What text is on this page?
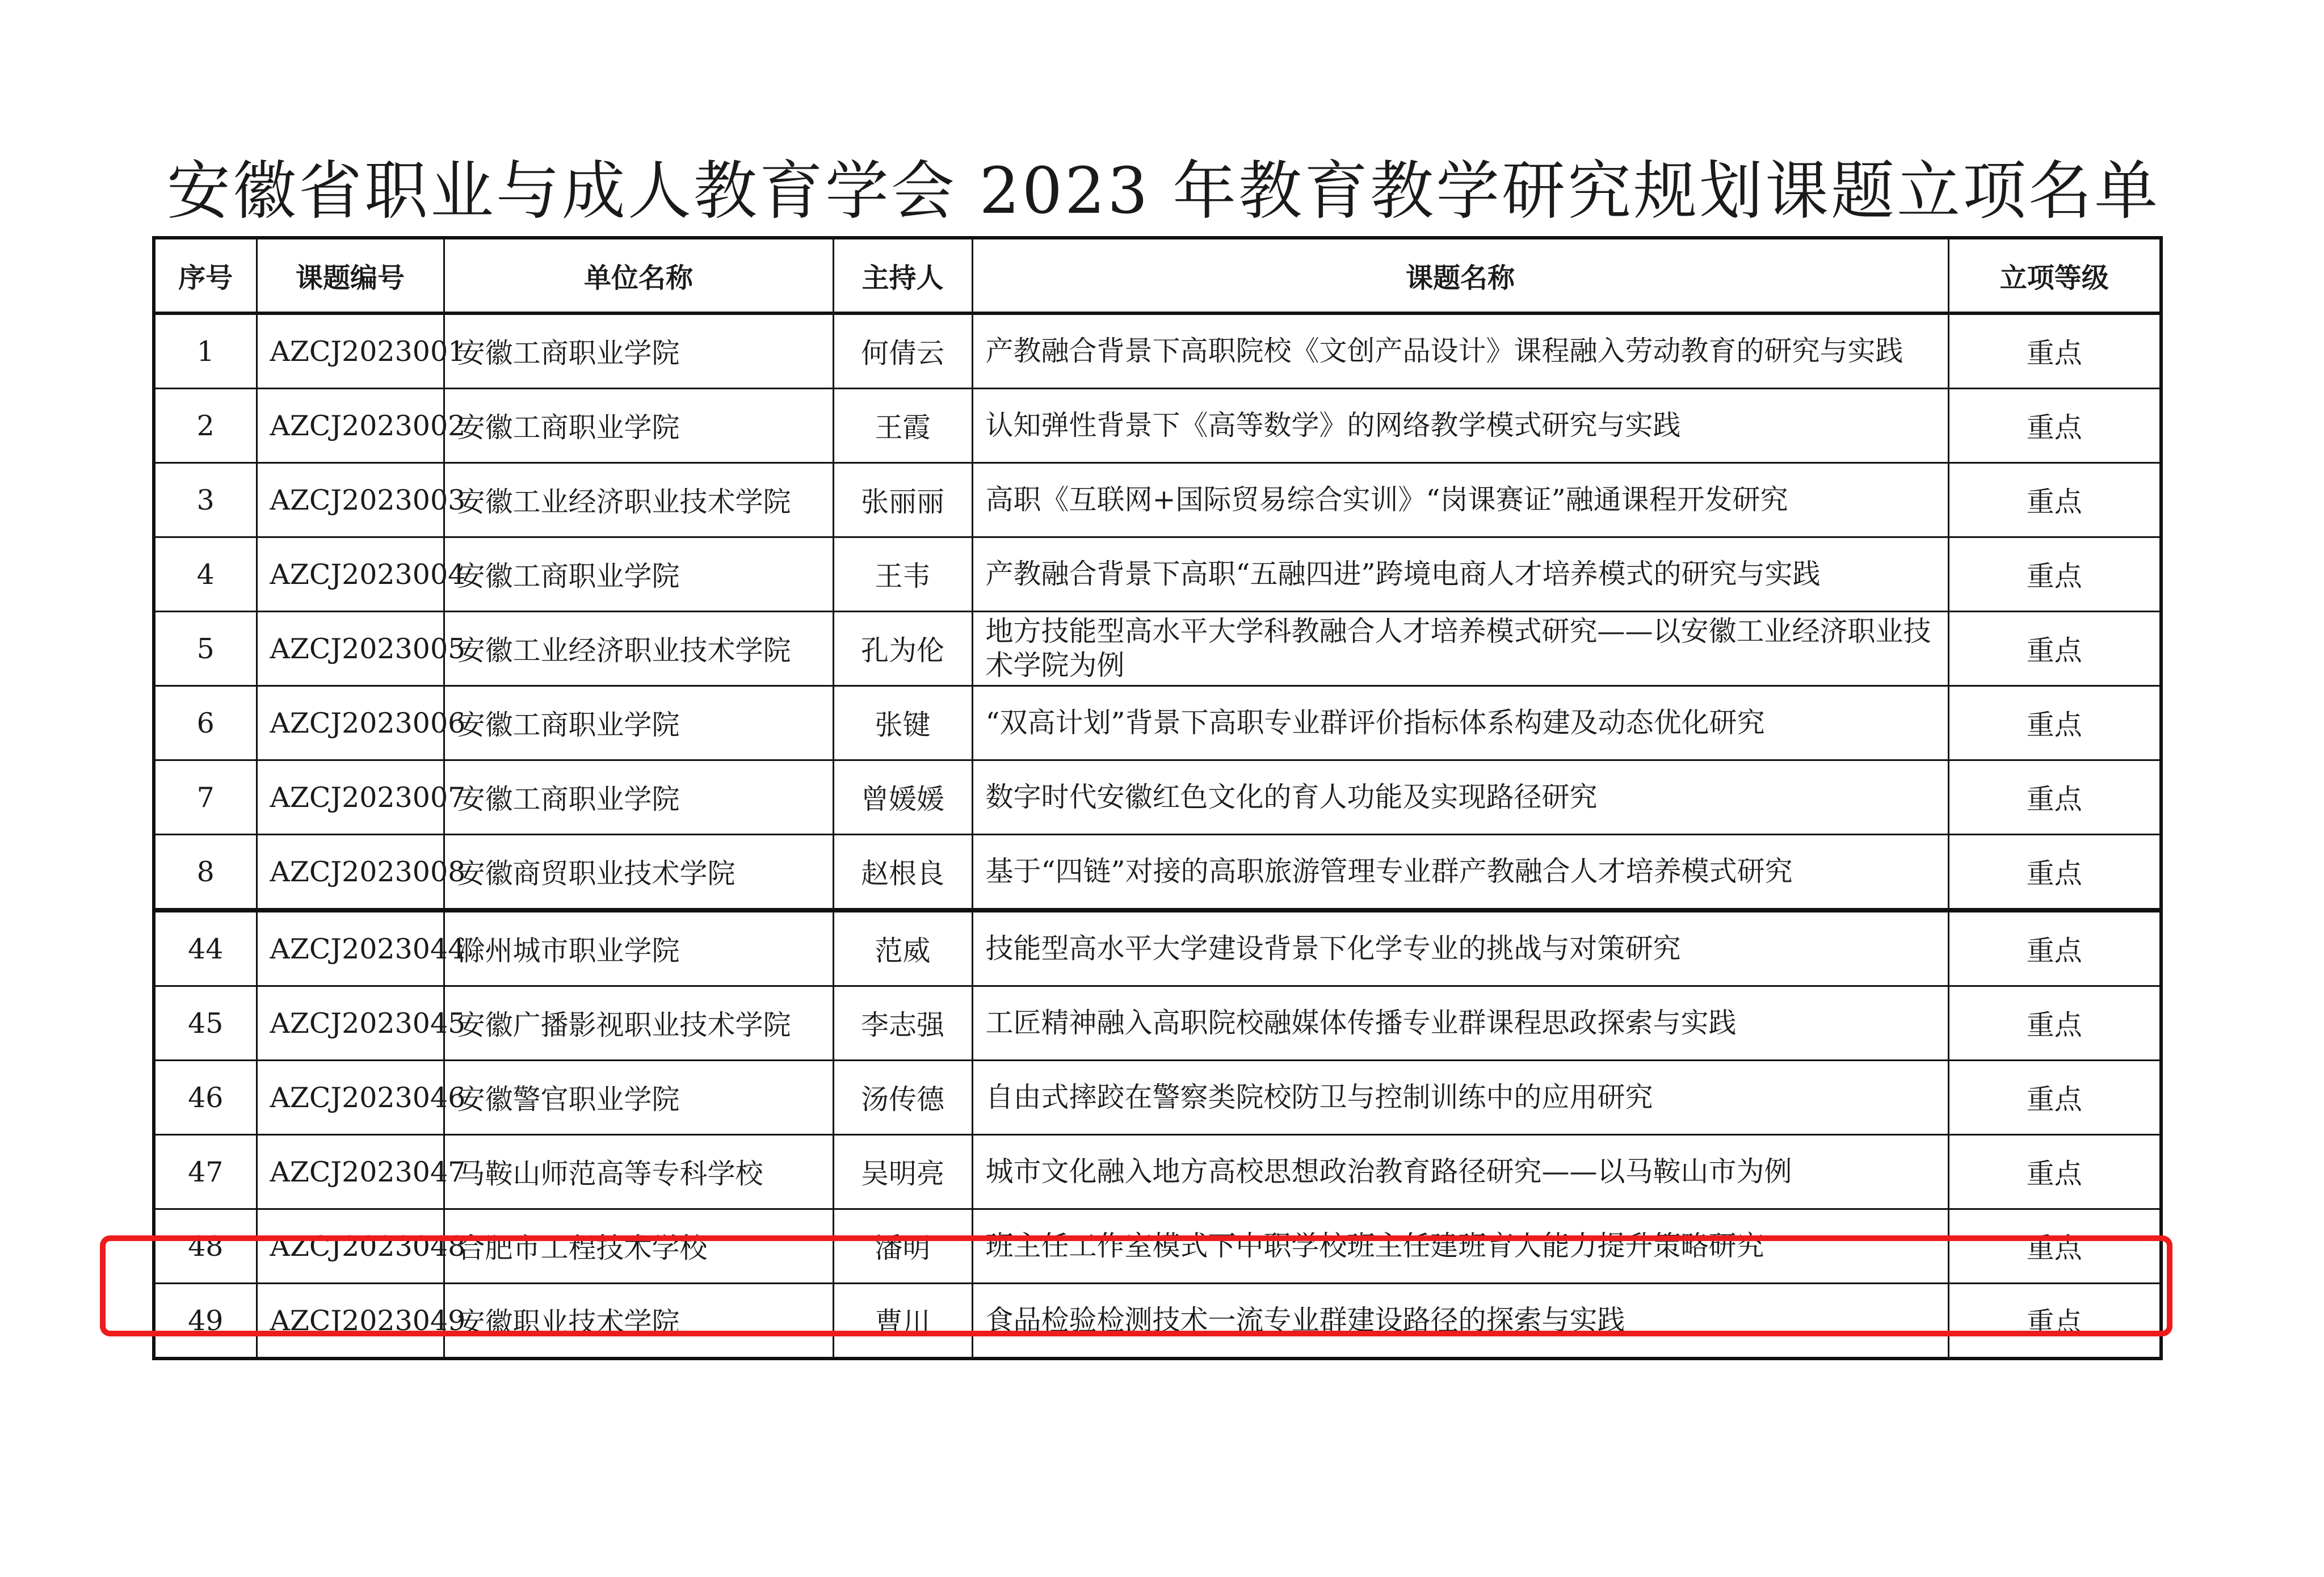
安徽省职业与成人教育学会 2023 年教育教学研究规划课题立项名单
序号	课题编号	单位名称	主持人	课题名称	立项等级
1	AZCJ2023001	安徽工商职业学院	何倩云	产教融合背景下高职院校《文创产品设计》课程融入劳动教育的研究与实践	重点
2	AZCJ2023002	安徽工商职业学院	王霞	认知弹性背景下《高等数学》的网络教学模式研究与实践	重点
3	AZCJ2023003	安徽工业经济职业技术学院	张丽丽	高职《互联网+国际贸易综合实训》“岗课赛证”融通课程开发研究	重点
4	AZCJ2023004	安徽工商职业学院	王韦	产教融合背景下高职“五融四进”跨境电商人才培养模式的研究与实践	重点
5	AZCJ2023005	安徽工业经济职业技术学院	孔为伦	地方技能型高水平大学科教融合人才培养模式研究——以安徽工业经济职业技术学院为例	重点
6	AZCJ2023006	安徽工商职业学院	张键	“双高计划”背景下高职专业群评价指标体系构建及动态优化研究	重点
7	AZCJ2023007	安徽工商职业学院	曾媛媛	数字时代安徽红色文化的育人功能及实现路径研究	重点
8	AZCJ2023008	安徽商贸职业技术学院	赵根良	基于“四链”对接的高职旅游管理专业群产教融合人才培养模式研究	重点
44	AZCJ2023044	滁州城市职业学院	范威	技能型高水平大学建设背景下化学专业的挑战与对策研究	重点
45	AZCJ2023045	安徽广播影视职业技术学院	李志强	工匠精神融入高职院校融媒体传播专业群课程思政探索与实践	重点
46	AZCJ2023046	安徽警官职业学院	汤传德	自由式摔跤在警察类院校防卫与控制训练中的应用研究	重点
47	AZCJ2023047	马鞍山师范高等专科学校	吴明亮	城市文化融入地方高校思想政治教育路径研究——以马鞍山市为例	重点
48	AZCJ2023048	合肥市工程技术学校	潘明	班主任工作室模式下中职学校班主任建班育人能力提升策略研究	重点
49	AZCJ2023049	安徽职业技术学院	曹川	食品检验检测技术一流专业群建设路径的探索与实践	重点
